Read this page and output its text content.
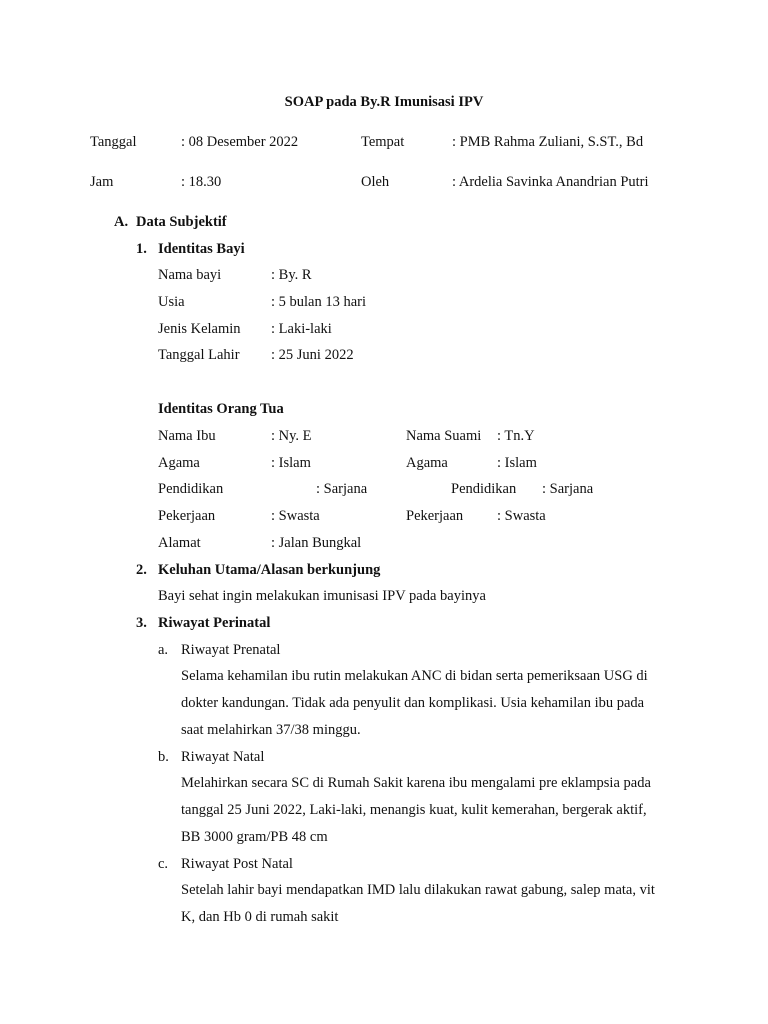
SOAP pada By.R Imunisasi IPV
Tanggal	: 08 Desember 2022	Tempat	: PMB Rahma Zuliani, S.ST., Bd
Jam	: 18.30	Oleh	: Ardelia Savinka Anandrian Putri
A. Data Subjektif
1. Identitas Bayi
Nama bayi	: By. R
Usia	: 5 bulan 13 hari
Jenis Kelamin : Laki-laki
Tanggal Lahir : 25 Juni 2022
Identitas Orang Tua
Nama Ibu	: Ny. E	Nama Suami : Tn.Y
Agama	: Islam	Agama	: Islam
Pendidikan	: Sarjana	Pendidikan : Sarjana
Pekerjaan	: Swasta	Pekerjaan : Swasta
Alamat	: Jalan Bungkal
2. Keluhan Utama/Alasan berkunjung
Bayi sehat ingin melakukan imunisasi IPV pada bayinya
3. Riwayat Perinatal
a. Riwayat Prenatal
Selama kehamilan ibu rutin melakukan ANC di bidan serta pemeriksaan USG di
dokter kandungan. Tidak ada penyulit dan komplikasi. Usia kehamilan ibu pada
saat melahirkan 37/38 minggu.
b. Riwayat Natal
Melahirkan secara SC di Rumah Sakit karena ibu mengalami pre eklampsia pada
tanggal 25 Juni 2022, Laki-laki, menangis kuat, kulit kemerahan, bergerak aktif,
BB 3000 gram/PB 48 cm
c. Riwayat Post Natal
Setelah lahir bayi mendapatkan IMD lalu dilakukan rawat gabung, salep mata, vit
K, dan Hb 0 di rumah sakit
